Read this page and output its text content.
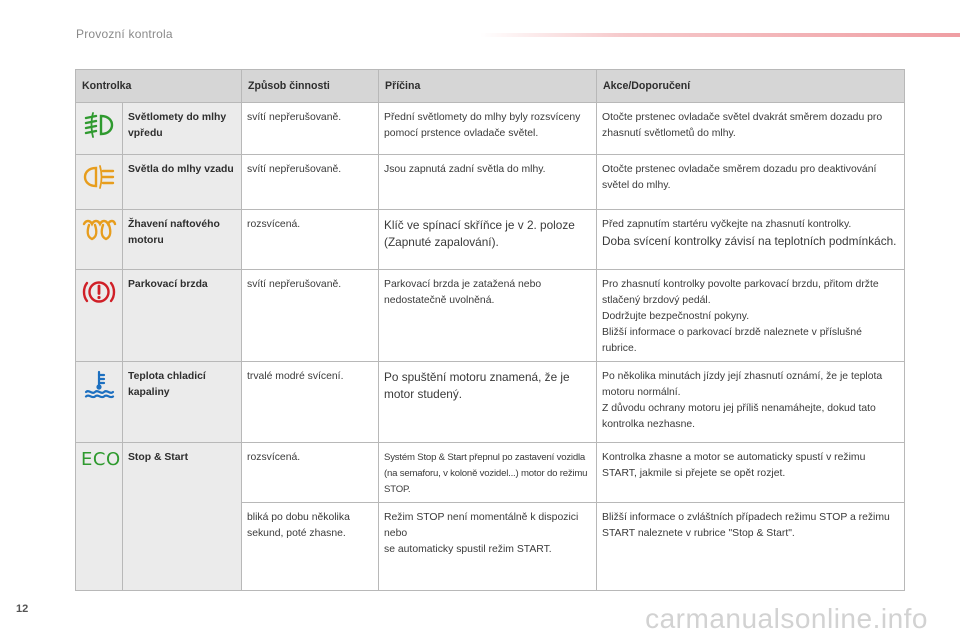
Provozní kontrola
Kontrolka		Způsob činnosti	Příčina	Akce/Doporučení
	Světlomety do mlhy vpředu	svítí nepřerušovaně.	Přední světlomety do mlhy byly rozsvíceny pomocí prstence ovladače světel.	Otočte prstenec ovladače světel dvakrát směrem dozadu pro zhasnutí světlometů do mlhy.
	Světla do mlhy vzadu	svítí nepřerušovaně.	Jsou zapnutá zadní světla do mlhy.	Otočte prstenec ovladače směrem dozadu pro deaktivování světel do mlhy.
	Žhavení naftového motoru	rozsvícená.	Klíč ve spínací skříňce je v 2. poloze (Zapnuté zapalování).	Před zapnutím startéru vyčkejte na zhasnutí kontrolky.
Doba svícení kontrolky závisí na teplotních podmínkách.

	Parkovací brzda	svítí nepřerušovaně.	Parkovací brzda je zatažená nebo nedostatečně uvolněná.	Pro zhasnutí kontrolky povolte parkovací brzdu, přitom držte stlačený brzdový pedál.
Dodržujte bezpečnostní pokyny.
Bližší informace o parkovací brzdě naleznete v příslušné rubrice.

	Teplota chladicí kapaliny	trvalé modré svícení.	Po spuštění motoru znamená, že je motor studený.	Po několika minutách jízdy její zhasnutí oznámí, že je teplota motoru normální.
Z důvodu ochrany motoru jej příliš nenamáhejte, dokud tato kontrolka nezhasne.

ECO	Stop & Start	rozsvícená.	Systém Stop & Start přepnul po zastavení vozidla (na semaforu, v koloně vozidel...) motor do režimu STOP.	Kontrolka zhasne a motor se automaticky spustí v režimu START, jakmile si přejete se opět rozjet.
		bliká po dobu několika sekund, poté zhasne.	Režim STOP není momentálně k dispozici
nebo
se automaticky spustil režim START.	Bližší informace o zvláštních případech režimu STOP a režimu START naleznete v rubrice "Stop & Start".
12	carmanualsonline.info
